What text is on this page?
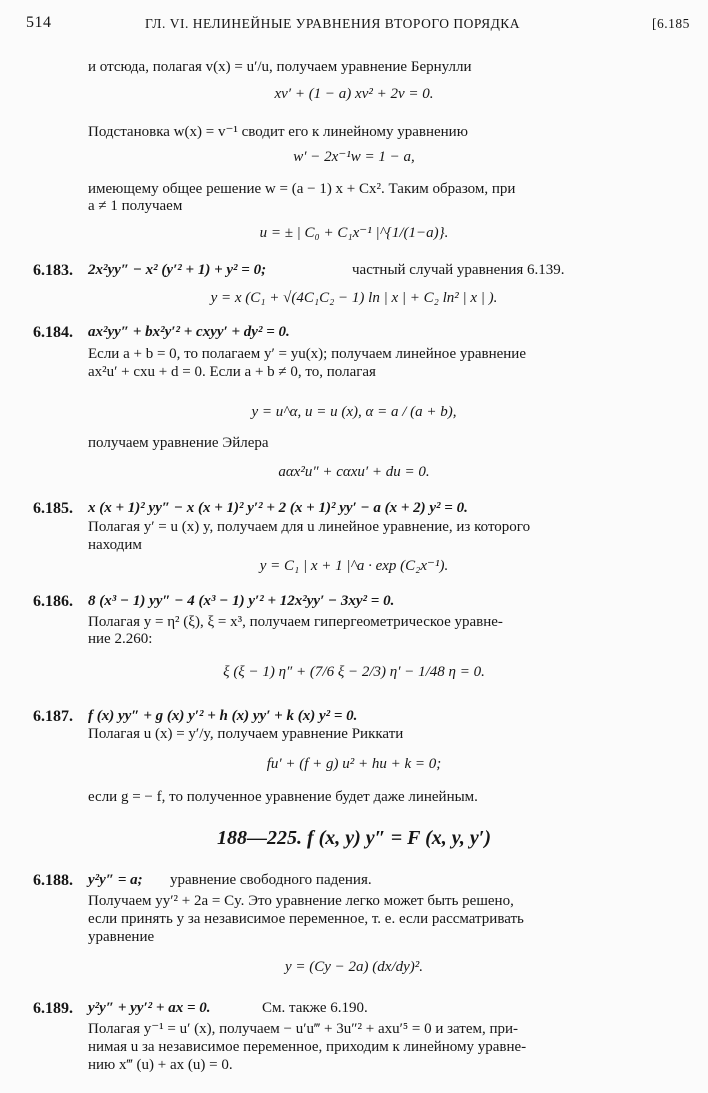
514	ГЛ. VI. НЕЛИНЕЙНЫЕ УРАВНЕНИЯ ВТОРОГО ПОРЯДКА	[6.185
и отсюда, полагая v(x) = u′/u, получаем уравнение Бернулли
xv′ + (1 − a) xv² + 2v = 0.
Подстановка w(x) = v⁻¹ сводит его к линейному уравнению
w′ − 2x⁻¹w = 1 − a,
имеющему общее решение w = (a − 1) x + Cx². Таким образом, при
a ≠ 1 получаем
u = ± | C₀ + C₁x⁻¹ |^{1/(1−a)}.
6.183. 2x²yy″ − x² (y′² + 1) + y² = 0;	частный случай уравнения 6.139.
y = x (C₁ + √(4C₁C₂ − 1) ln | x | + C₂ ln² | x | ).
6.184. ax²yy″ + bx²y′² + cxyy′ + dy² = 0.
Если a + b = 0, то полагаем y′ = yu(x); получаем линейное уравнение
ax²u′ + cxu + d = 0. Если a + b ≠ 0, то, полагая
y = u^α, u = u (x), α = a / (a + b),
получаем уравнение Эйлера
aαx²u″ + cαxu′ + du = 0.
6.185. x (x + 1)² yy″ − x (x + 1)² y′² + 2 (x + 1)² yy′ − a (x + 2) y² = 0.
Полагая y′ = u (x) y, получаем для u линейное уравнение, из которого
находим
y = C₁ | x + 1 |^a · exp (C₂x⁻¹).
6.186. 8 (x³ − 1) yy″ − 4 (x³ − 1) y′² + 12x²yy′ − 3xy² = 0.
Полагая y = η² (ξ), ξ = x³, получаем гипергеометрическое уравне-
ние 2.260:
ξ (ξ − 1) η″ + (7/6 ξ − 2/3) η′ − 1/48 η = 0.
6.187. f (x) yy″ + g (x) y′² + h (x) yy′ + k (x) y² = 0.
Полагая u (x) = y′/y, получаем уравнение Риккати
fu′ + (f + g) u² + hu + k = 0;
если g = − f, то полученное уравнение будет даже линейным.
188—225. f (x, y) y″ = F (x, y, y′)
6.188. y²y″ = a; уравнение свободного падения.
Получаем yy′² + 2a = Cy. Это уравнение легко может быть решено,
если принять y за независимое переменное, т. е. если рассматривать
уравнение
y = (Cy − 2a) (dx/dy)².
6.189. y²y″ + yy′² + ax = 0.	См. также 6.190.
Полагая y⁻¹ = u′ (x), получаем − u′u‴ + 3u″² + axu′⁵ = 0 и затем, при-
нимая u за независимое переменное, приходим к линейному уравне-
нию x‴ (u) + ax (u) = 0.
